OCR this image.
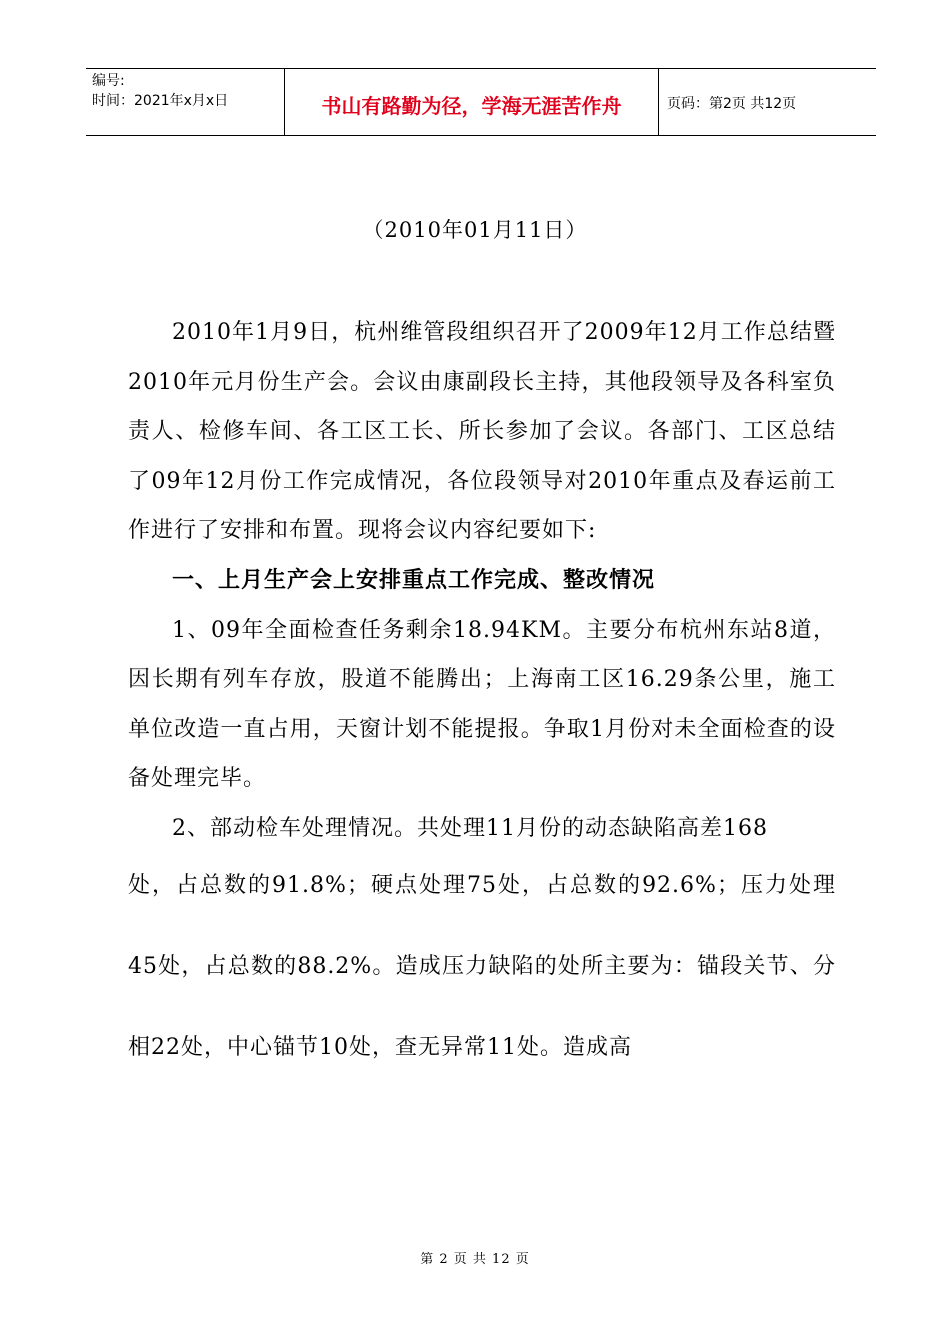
编号:
时间：2021年x月x日	书山有路勤为径，学海无涯苦作舟	页码：第2页 共12页
（2010年01月11日）

2010年1月9日，杭州维管段组织召开了2009年12月工作总结暨2010年元月份生产会。会议由康副段长主持，其他段领导及各科室负责人、检修车间、各工区工长、所长参加了会议。各部门、工区总结了09年12月份工作完成情况，各位段领导对2010年重点及春运前工作进行了安排和布置。现将会议内容纪要如下:

一、上月生产会上安排重点工作完成、整改情况

1、09年全面检查任务剩余18.94KM。主要分布杭州东站8道，因长期有列车存放，股道不能腾出；上海南工区16.29条公里，施工单位改造一直占用，天窗计划不能提报。争取1月份对未全面检查的设备处理完毕。

2、部动检车处理情况。共处理11月份的动态缺陷高差168

处，占总数的91.8%；硬点处理75处，占总数的92.6%；压力处理45处，占总数的88.2%。造成压力缺陷的处所主要为：锚段关节、分相22处，中心锚节10处，查无异常11处。造成高

第 2 页 共 12 页
